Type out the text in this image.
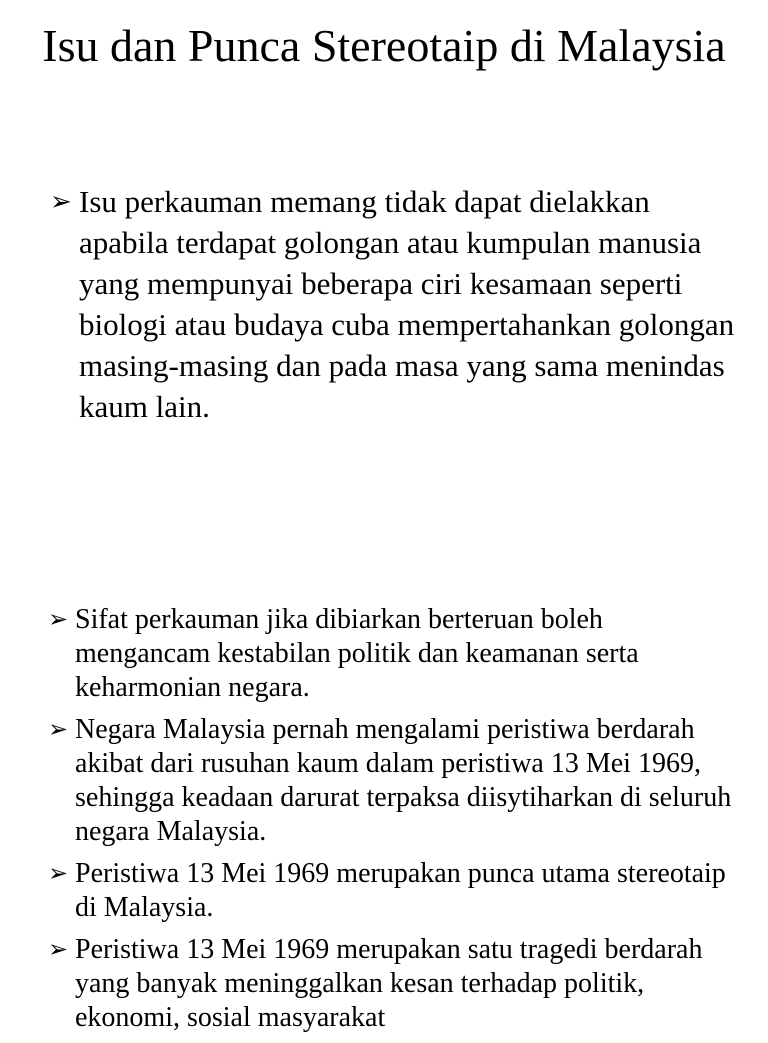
Isu dan Punca Stereotaip di Malaysia
➢ Isu perkauman memang tidak dapat dielakkan apabila terdapat golongan atau kumpulan manusia yang mempunyai beberapa ciri kesamaan seperti biologi atau budaya cuba mempertahankan golongan masing-masing dan pada masa yang sama menindas kaum lain.
➢ Sifat perkauman jika dibiarkan berteruan boleh mengancam kestabilan politik dan keamanan serta keharmonian negara.
➢ Negara Malaysia pernah mengalami peristiwa berdarah akibat dari rusuhan kaum dalam peristiwa 13 Mei 1969, sehingga keadaan darurat terpaksa diisytiharkan di seluruh negara Malaysia.
➢ Peristiwa 13 Mei 1969 merupakan punca utama stereotaip di Malaysia.
➢ Peristiwa 13 Mei 1969 merupakan satu tragedi berdarah yang banyak meninggalkan kesan terhadap politik, ekonomi, sosial masyarakat
